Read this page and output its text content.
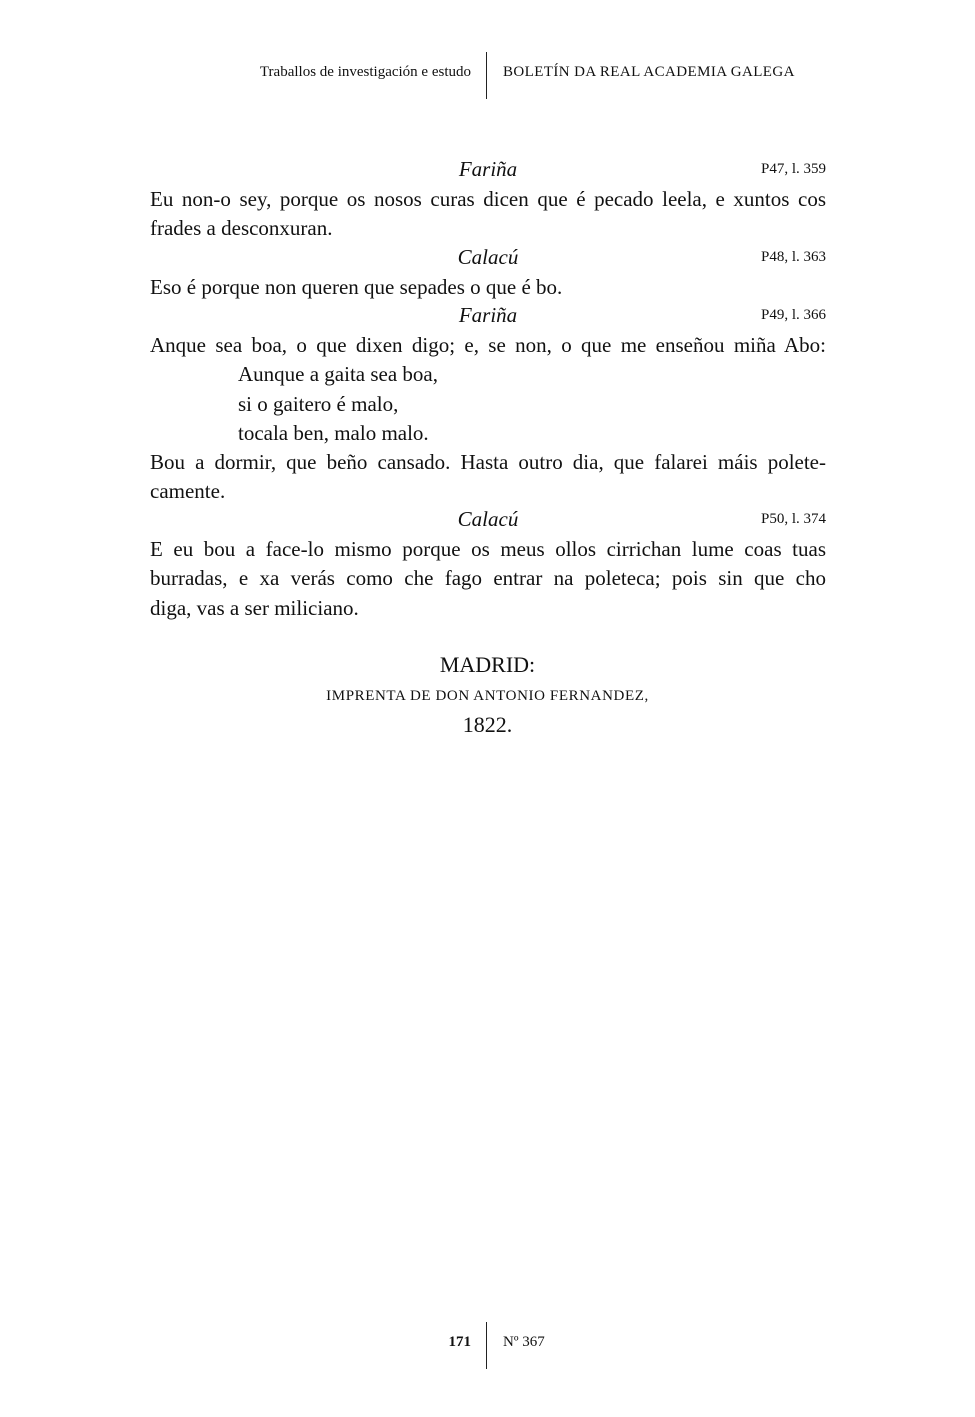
Traballos de investigación e estudo BOLETÍN DA REAL ACADEMIA GALEGA
Fariña	P47, l. 359
Eu non-o sey, porque os nosos curas dicen que é pecado leela, e xuntos cos
frades a desconxuran.
Calacú	P48, l. 363
Eso é porque non queren que sepades o que é bo.
Fariña	P49, l. 366
Anque sea boa, o que dixen digo; e, se non, o que me enseñou miña Abo:
Aunque a gaita sea boa,
si o gaitero é malo,
tocala ben, malo malo.
Bou a dormir, que beño cansado. Hasta outro dia, que falarei máis polete-
camente.
Calacú	P50, l. 374
E eu bou a face-lo mismo porque os meus ollos cirrichan lume coas tuas
burradas, e xa verás como che fago entrar na poleteca; pois sin que cho
diga, vas a ser miliciano.
MADRID:
IMPRENTA DE DON ANTONIO FERNANDEZ,
1822.
171 Nº 367
